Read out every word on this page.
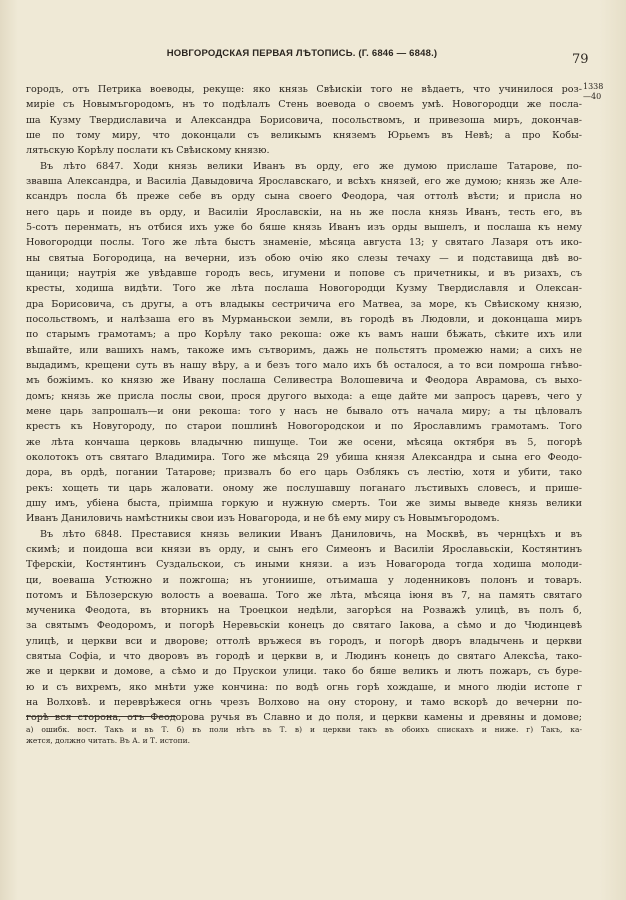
НОВГОРОДСКАЯ ПЕРВАЯ ЛѢТОПИСЬ. (Г. 6846 — 6848.)	79
1338
—40
городъ, отъ Петрика воеводы, рекуще: яко князь Свѣискiи того не вѣдаетъ, что учинилося роз-
мирiе съ Новымъгородомъ, нъ то подѣлалъ Стень воевода о своемъ умѣ. Новогородци же посла-
ша Кузму Твердиславича и Александра Борисовича, посольствомъ, и привезоша миръ, докончав-
ше по тому миру, что доконцали съ великымъ княземъ Юрьемъ въ Невѣ; а про Кобы-
лятьскую Корѣлу послати къ Свѣискому князю.
Въ лѣто 6847. Ходи князь велики Иванъ въ орду, его же думою прислаше Татарове, по-
звавша Александра, и Василiа Давыдовича Ярославскаго, и всѣхъ князей, его же думою; князь же Але-
ксандръ посла бѣ преже себе въ орду сына своего Феодора, чая оттолѣ вѣсти; и присла но
него царь и поиде въ орду, и Василiи Ярославскiи, на нь же посла князь Иванъ, тесть его, въ
5-сотъ перенмать, нъ отбися ихъ уже бо бяше князь Иванъ изъ орды вышелъ, и послаша къ нему
Новогородци послы. Того же лѣта быстъ знаменiе, мѣсяца августа 13; у святаго Лазаря отъ ико-
ны святыа Богородица, на вечерни, изъ обою очiю яко слезы течаху — и подставища двѣ во-
щаници; наутрiя же увѣдавше городъ весь, игумени и попове съ причетникы, и въ ризахъ, съ
кресты, ходиша видѣти. Того же лѣта послаша Новогородци Кузму Твердиславля и Олексан-
дра Борисовича, съ другы, а отъ владыкы сестричича его Матвеа, за море, къ Свѣискому князю,
посольствомъ, и налѣзаша его въ Мурманьскои земли, въ городѣ въ Людовли, и доконцаша миръ
по старымъ грамотамъ; а про Корѣлу тако рекоша: оже къ вамъ наши бѣжать, сѣките ихъ или
вѣшайте, или вашихъ намъ, такоже имъ сътворимъ, дажь не польстятъ промежю нами; а сихъ не
выдадимъ, крещени суть въ нашу вѣру, а и безъ того мало ихъ бѣ осталося, а то вси помроша гнѣво-
мъ божiимъ. ко князю же Ивану послаша Селивестра Волошевича и Феодора Аврамова, съ выхо-
домъ; князь же присла послы свои, прося другого выхода: а еще дайте ми запросъ царевъ, чего у
мене царь запрошалъ—и они рекоша: того у насъ не бывало отъ начала миру; а ты цѣловалъ
крестъ къ Новугороду, по старои пошлинѣ Новогородскои и по Ярославлимъ грамотамъ. Того
же лѣта кончаша церковь владычню пишуще. Тои же осени, мѣсяца октября въ 5, погорѣ
околотокъ отъ святаго Владимира. Того же мѣсяца 29 убиша князя Александра и сына его Феодо-
дора, въ ордѣ, погании Татарове; призвалъ бо его царь Озблякъ съ лестiю, хотя и убити, тако
рекъ: хощеть ти царь жаловати. оному же послушавшу поганаго лъстивыхъ словесъ, и прише-
дшу имъ, убiена быста, прiимша горкую и нужную смерть. Тои же зимы выведе князь велики
Иванъ Даниловичь намѣстникы свои изъ Новагорода, и не бѣ ему миру съ Новымъгородомъ.
Въ лѣто 6848. Преставися князь великии Иванъ Даниловичь, на Москвѣ, въ чернцѣхъ и въ
скимѣ; и поидоша вси князи въ орду, и сынъ его Симеонъ и Василiи Ярославьскiи, Костянтинъ
Тферскiи, Костянтинъ Суздальскои, съ иными князи. а изъ Новагорода тогда ходиша молоди-
ци, воеваша Устюжно и пожгоша; нъ угониише, отъимаша у лоденниковъ полонъ и товаръ.
потомъ и Бѣлозерскую волость а воеваша. Того же лѣта, мѣсяца iюня въ 7, на память святаго
мученика Феодота, въ вторникъ на Троецкои недѣли, загорѣся на Розважѣ улицѣ, въ полъ б,
за святымъ Феодоромъ, и погорѣ Неревьскiи конецъ до святаго Iакова, а сѣмо и до Чюдинцевѣ
улицѣ, и церкви вси и дворове; оттолѣ връжеся въ городъ, и погорѣ дворъ владычень и церкви
святыа Софiа, и что дворовъ въ городѣ и церкви в, и Людинъ конецъ до святаго Алексѣа, тако-
же и церкви и домове, а сѣмо и до Прускои улици. тако бо бяше великъ и лютъ пожаръ, съ буре-
ю и съ вихремъ, яко мнѣти уже кончина: по водѣ огнь горѣ хождаше, и много людiи истопе г
на Волховѣ. и переврѣжеся огнь чрезъ Волхово на ону сторону, и тамо вскорѣ до вечерни по-
горѣ вся сторона, отъ Феодорова ручья въ Славно и до поля, и церкви камены и древяны и домове;
а) ошибк. вост. Такъ и въ Т. б) въ поли нѣтъ въ Т. в) и церкви такъ въ обоихъ спискахъ и ниже. г) Такъ, ка-
жется, должно читать. Въ А. и Т. истопи.
